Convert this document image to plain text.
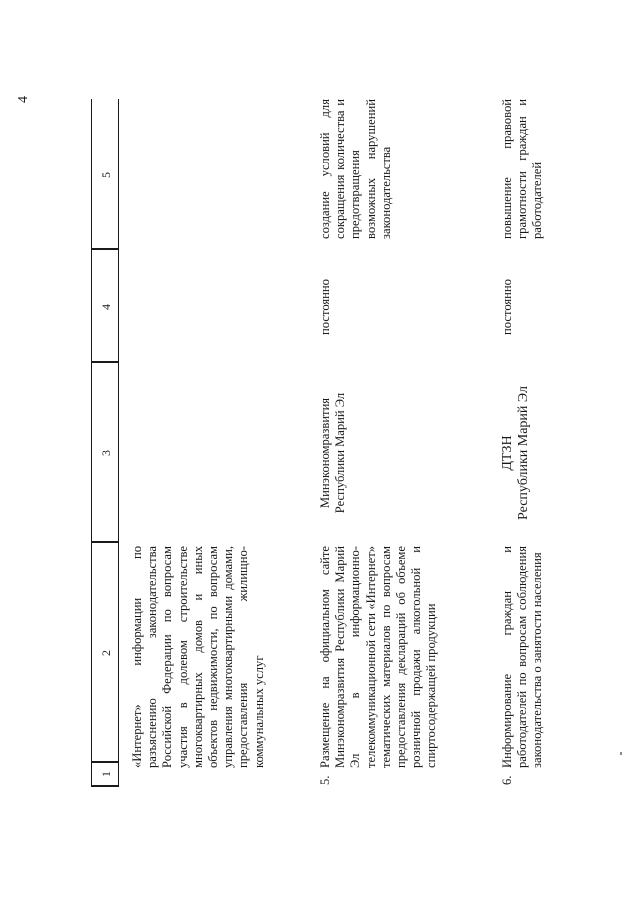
4
1
2
3
4
5
«Интернет» информации по разъяснению законодательства Российской Федерации по вопросам участия в долевом строительстве многоквартирных домов и иных объектов недвижимости, по вопросам управления многоквартирными домами, предоставления жилищно-коммунальных услуг
5.
Размещение на официальном сайте Минэкономразвития Республики Марий Эл в информационно-телекоммуникационной сети «Интернет» тематических материалов по вопросам предоставления деклараций об объеме розничной продажи алкогольной и спиртосодержащей продукции
Минэкономразвития Республики Марий Эл
постоянно
создание условий для сокращения количества и предотвращения возможных нарушений законодательства
6.
Информирование граждан и работодателей по вопросам соблюдения законодательства о занятости населения
ДТЗН Республики Марий Эл
постоянно
повышение правовой грамотности граждан и работодателей
